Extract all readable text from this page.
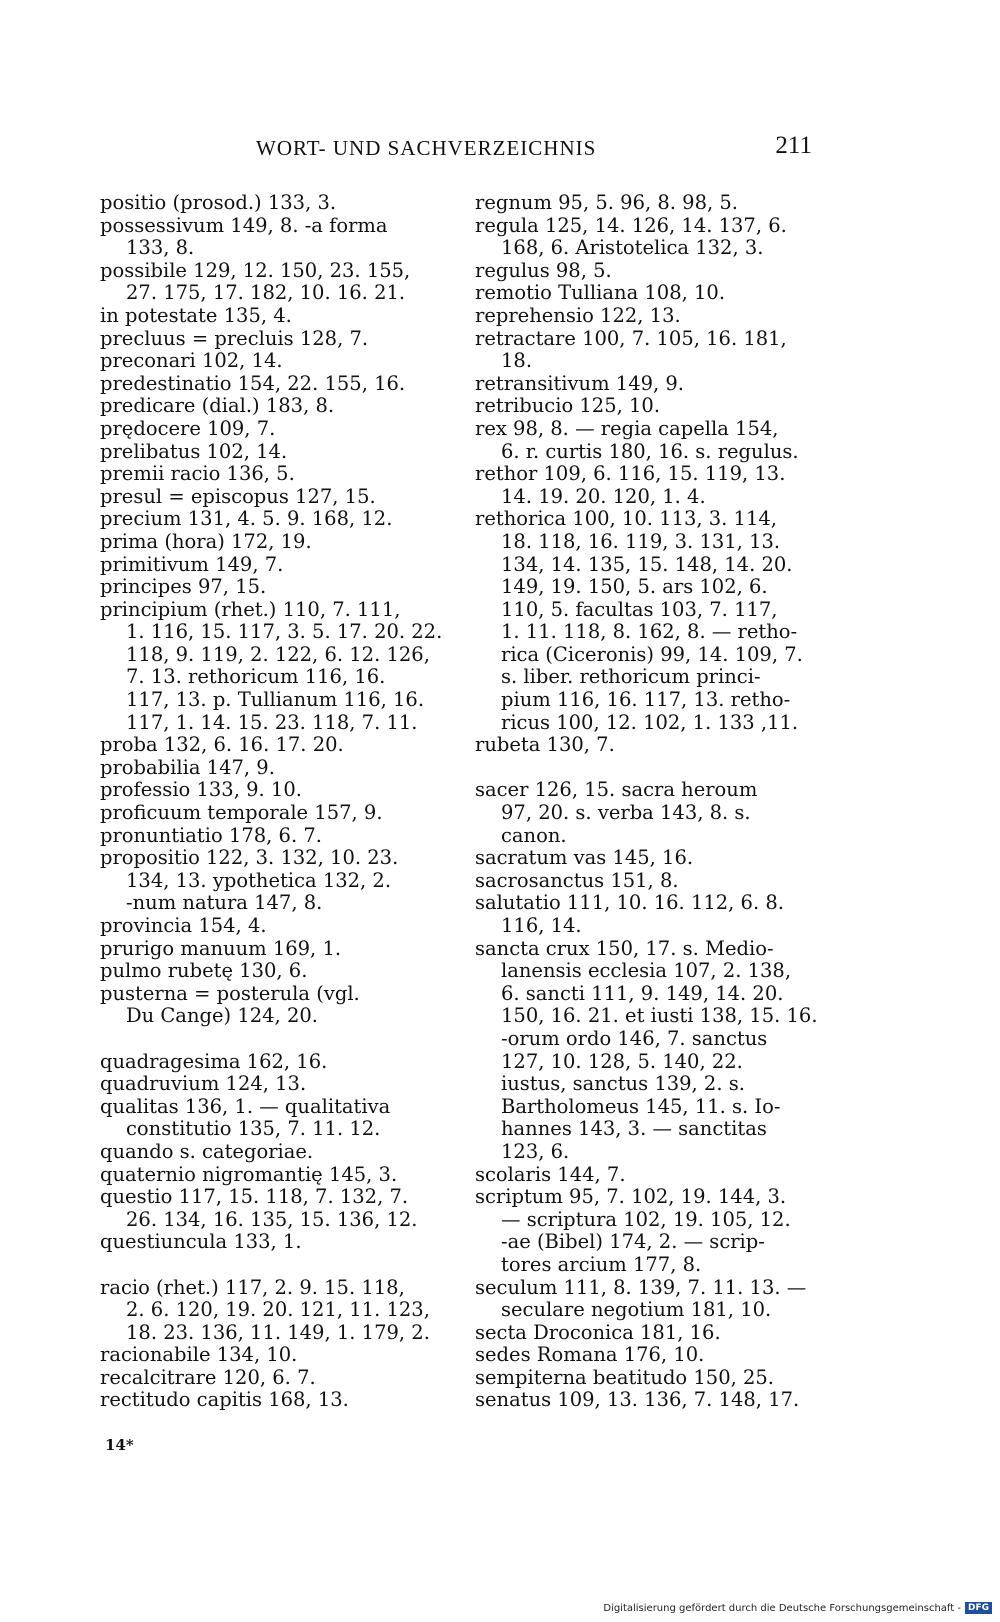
WORT- UND SACHVERZEICHNIS	211
positio (prosod.) 133, 3.
possessivum 149, 8. -a forma
133, 8.
possibile 129, 12. 150, 23. 155,
27. 175, 17. 182, 10. 16. 21.
in potestate 135, 4.
precluus = precluis 128, 7.
preconari 102, 14.
predestinatio 154, 22. 155, 16.
predicare (dial.) 183, 8.
prędocere 109, 7.
prelibatus 102, 14.
premii racio 136, 5.
presul = episcopus 127, 15.
precium 131, 4. 5. 9. 168, 12.
prima (hora) 172, 19.
primitivum 149, 7.
principes 97, 15.
principium (rhet.) 110, 7. 111,
1. 116, 15. 117, 3. 5. 17. 20. 22.
118, 9. 119, 2. 122, 6. 12. 126,
7. 13. rethoricum 116, 16.
117, 13. p. Tullianum 116, 16.
117, 1. 14. 15. 23. 118, 7. 11.
proba 132, 6. 16. 17. 20.
probabilia 147, 9.
professio 133, 9. 10.
proficuum temporale 157, 9.
pronuntiatio 178, 6. 7.
propositio 122, 3. 132, 10. 23.
134, 13. ypothetica 132, 2.
-num natura 147, 8.
provincia 154, 4.
prurigo manuum 169, 1.
pulmo rubetę 130, 6.
pusterna = posterula (vgl.
Du Cange) 124, 20.
quadragesima 162, 16.
quadruvium 124, 13.
qualitas 136, 1. — qualitativa
constitutio 135, 7. 11. 12.
quando s. categoriae.
quaternio nigromantię 145, 3.
questio 117, 15. 118, 7. 132, 7.
26. 134, 16. 135, 15. 136, 12.
questiuncula 133, 1.
racio (rhet.) 117, 2. 9. 15. 118,
2. 6. 120, 19. 20. 121, 11. 123,
18. 23. 136, 11. 149, 1. 179, 2.
racionabile 134, 10.
recalcitrare 120, 6. 7.
rectitudo capitis 168, 13.
regnum 95, 5. 96, 8. 98, 5.
regula 125, 14. 126, 14. 137, 6.
168, 6. Aristotelica 132, 3.
regulus 98, 5.
remotio Tulliana 108, 10.
reprehensio 122, 13.
retractare 100, 7. 105, 16. 181,
18.
retransitivum 149, 9.
retribucio 125, 10.
rex 98, 8. — regia capella 154,
6. r. curtis 180, 16. s. regulus.
rethor 109, 6. 116, 15. 119, 13.
14. 19. 20. 120, 1. 4.
rethorica 100, 10. 113, 3. 114,
18. 118, 16. 119, 3. 131, 13.
134, 14. 135, 15. 148, 14. 20.
149, 19. 150, 5. ars 102, 6.
110, 5. facultas 103, 7. 117,
1. 11. 118, 8. 162, 8. — retho-
rica (Ciceronis) 99, 14. 109, 7.
s. liber. rethoricum princi-
pium 116, 16. 117, 13. retho-
ricus 100, 12. 102, 1. 133 ,11.
rubeta 130, 7.
sacer 126, 15. sacra heroum
97, 20. s. verba 143, 8. s.
canon.
sacratum vas 145, 16.
sacrosanctus 151, 8.
salutatio 111, 10. 16. 112, 6. 8.
116, 14.
sancta crux 150, 17. s. Medio-
lanensis ecclesia 107, 2. 138,
6. sancti 111, 9. 149, 14. 20.
150, 16. 21. et iusti 138, 15. 16.
-orum ordo 146, 7. sanctus
127, 10. 128, 5. 140, 22.
iustus, sanctus 139, 2. s.
Bartholomeus 145, 11. s. Io-
hannes 143, 3. — sanctitas
123, 6.
scolaris 144, 7.
scriptum 95, 7. 102, 19. 144, 3.
— scriptura 102, 19. 105, 12.
-ae (Bibel) 174, 2. — scrip-
tores arcium 177, 8.
seculum 111, 8. 139, 7. 11. 13. —
seculare negotium 181, 10.
secta Droconica 181, 16.
sedes Romana 176, 10.
sempiterna beatitudo 150, 25.
senatus 109, 13. 136, 7. 148, 17.
14*
Digitalisierung gefördert durch die Deutsche Forschungsgemeinschaft - DFG
